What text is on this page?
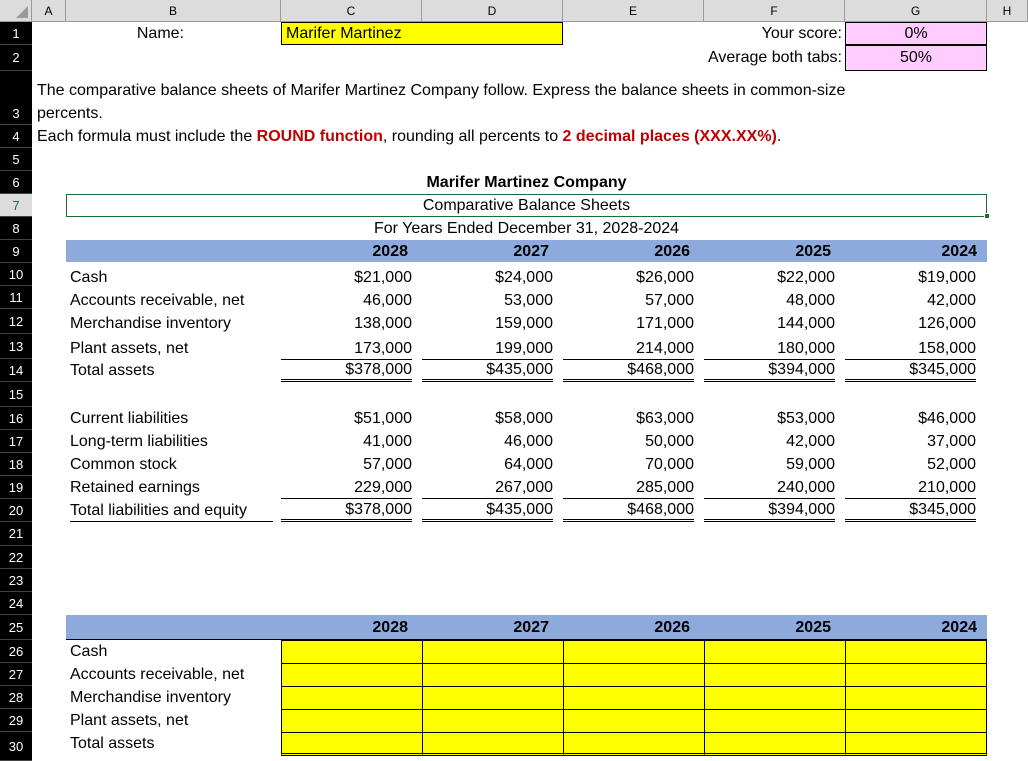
A	B	C	D	E	F	G	H
1
2
3
4
5
6
7
8
9
10
11
12
13
14
15
16
17
18
19
20
21
22
23
24
25
26
27
28
29
30
Name:	Marifer Martinez	Your score:	0%
Average both tabs:	50%
The comparative balance sheets of Marifer Martinez Company follow. Express the balance sheets in common-size
percents.
Each formula must include the ROUND function, rounding all percents to 2 decimal places (XXX.XX%).
Marifer Martinez Company
Comparative Balance Sheets
For Years Ended December 31, 2028-2024
2028	2027	2026	2025	2024
Cash	$21,000	$24,000	$26,000	$22,000	$19,000
Accounts receivable, net	46,000	53,000	57,000	48,000	42,000
Merchandise inventory	138,000	159,000	171,000	144,000	126,000
Plant assets, net	173,000	199,000	214,000	180,000	158,000
Total assets	$378,000	$435,000	$468,000	$394,000	$345,000
Current liabilities	$51,000	$58,000	$63,000	$53,000	$46,000
Long-term liabilities	41,000	46,000	50,000	42,000	37,000
Common stock	57,000	64,000	70,000	59,000	52,000
Retained earnings	229,000	267,000	285,000	240,000	210,000
Total liabilities and equity	$378,000	$435,000	$468,000	$394,000	$345,000
2028	2027	2026	2025	2024
Cash
Accounts receivable, net
Merchandise inventory
Plant assets, net
Total assets
